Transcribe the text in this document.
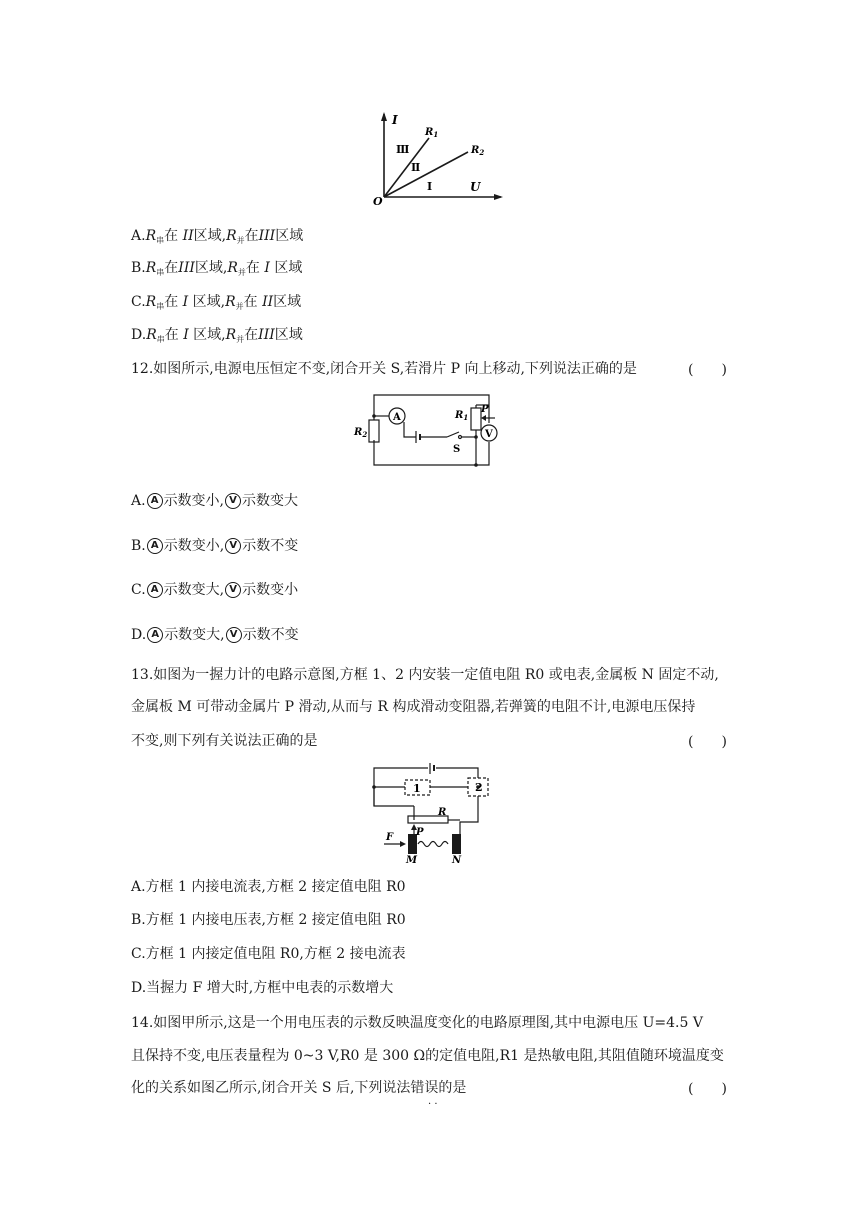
I
U
O
$R_1$
$R_2$
Ⅲ
Ⅱ
Ⅰ
$A.R_串$在 II区域$,R_并$在III区域
$B.R_串$在III区域$,R_并$在 I 区域
$C.R_串$在 I 区域$,R_并$在 II区域
$D.R_串$在 I 区域$,R_并$在III区域
12.如图所示,电源电压恒定不变,闭合开关 S,若滑片 P 向上移动,下列说法正确的是	(　　)
A
V
$R_2$
$R_1$
P
S
A. A 示数变小, V 示数变大
B. A 示数变小, V 示数不变
C. A 示数变大, V 示数变小
D. A 示数变大, V 示数不变
13.如图为一握力计的电路示意图,方框 1、2 内安装一定值电阻 R0 或电表,金属板 N 固定不动,
金属板 M 可带动金属片 P 滑动,从而与 R 构成滑动变阻器,若弹簧的电阻不计,电源电压保持
不变,则下列有关说法正确的是	(　　)
1	2
R
P
F
M	N
A.方框 1 内接电流表,方框 2 接定值电阻 R0
B.方框 1 内接电压表,方框 2 接定值电阻 R0
C.方框 1 内接定值电阻 R0,方框 2 接电流表
D.当握力 F 增大时,方框中电表的示数增大
14.如图甲所示,这是一个用电压表的示数反映温度变化的电路原理图,其中电源电压 U=4.5 V
且保持不变,电压表量程为 0~3 V,R0 是 300 Ω的定值电阻,R1 是热敏电阻,其阻值随环境温度变
化的关系如图乙所示,闭合开关 S 后,下列说法错误的是	(　　)
· ·
